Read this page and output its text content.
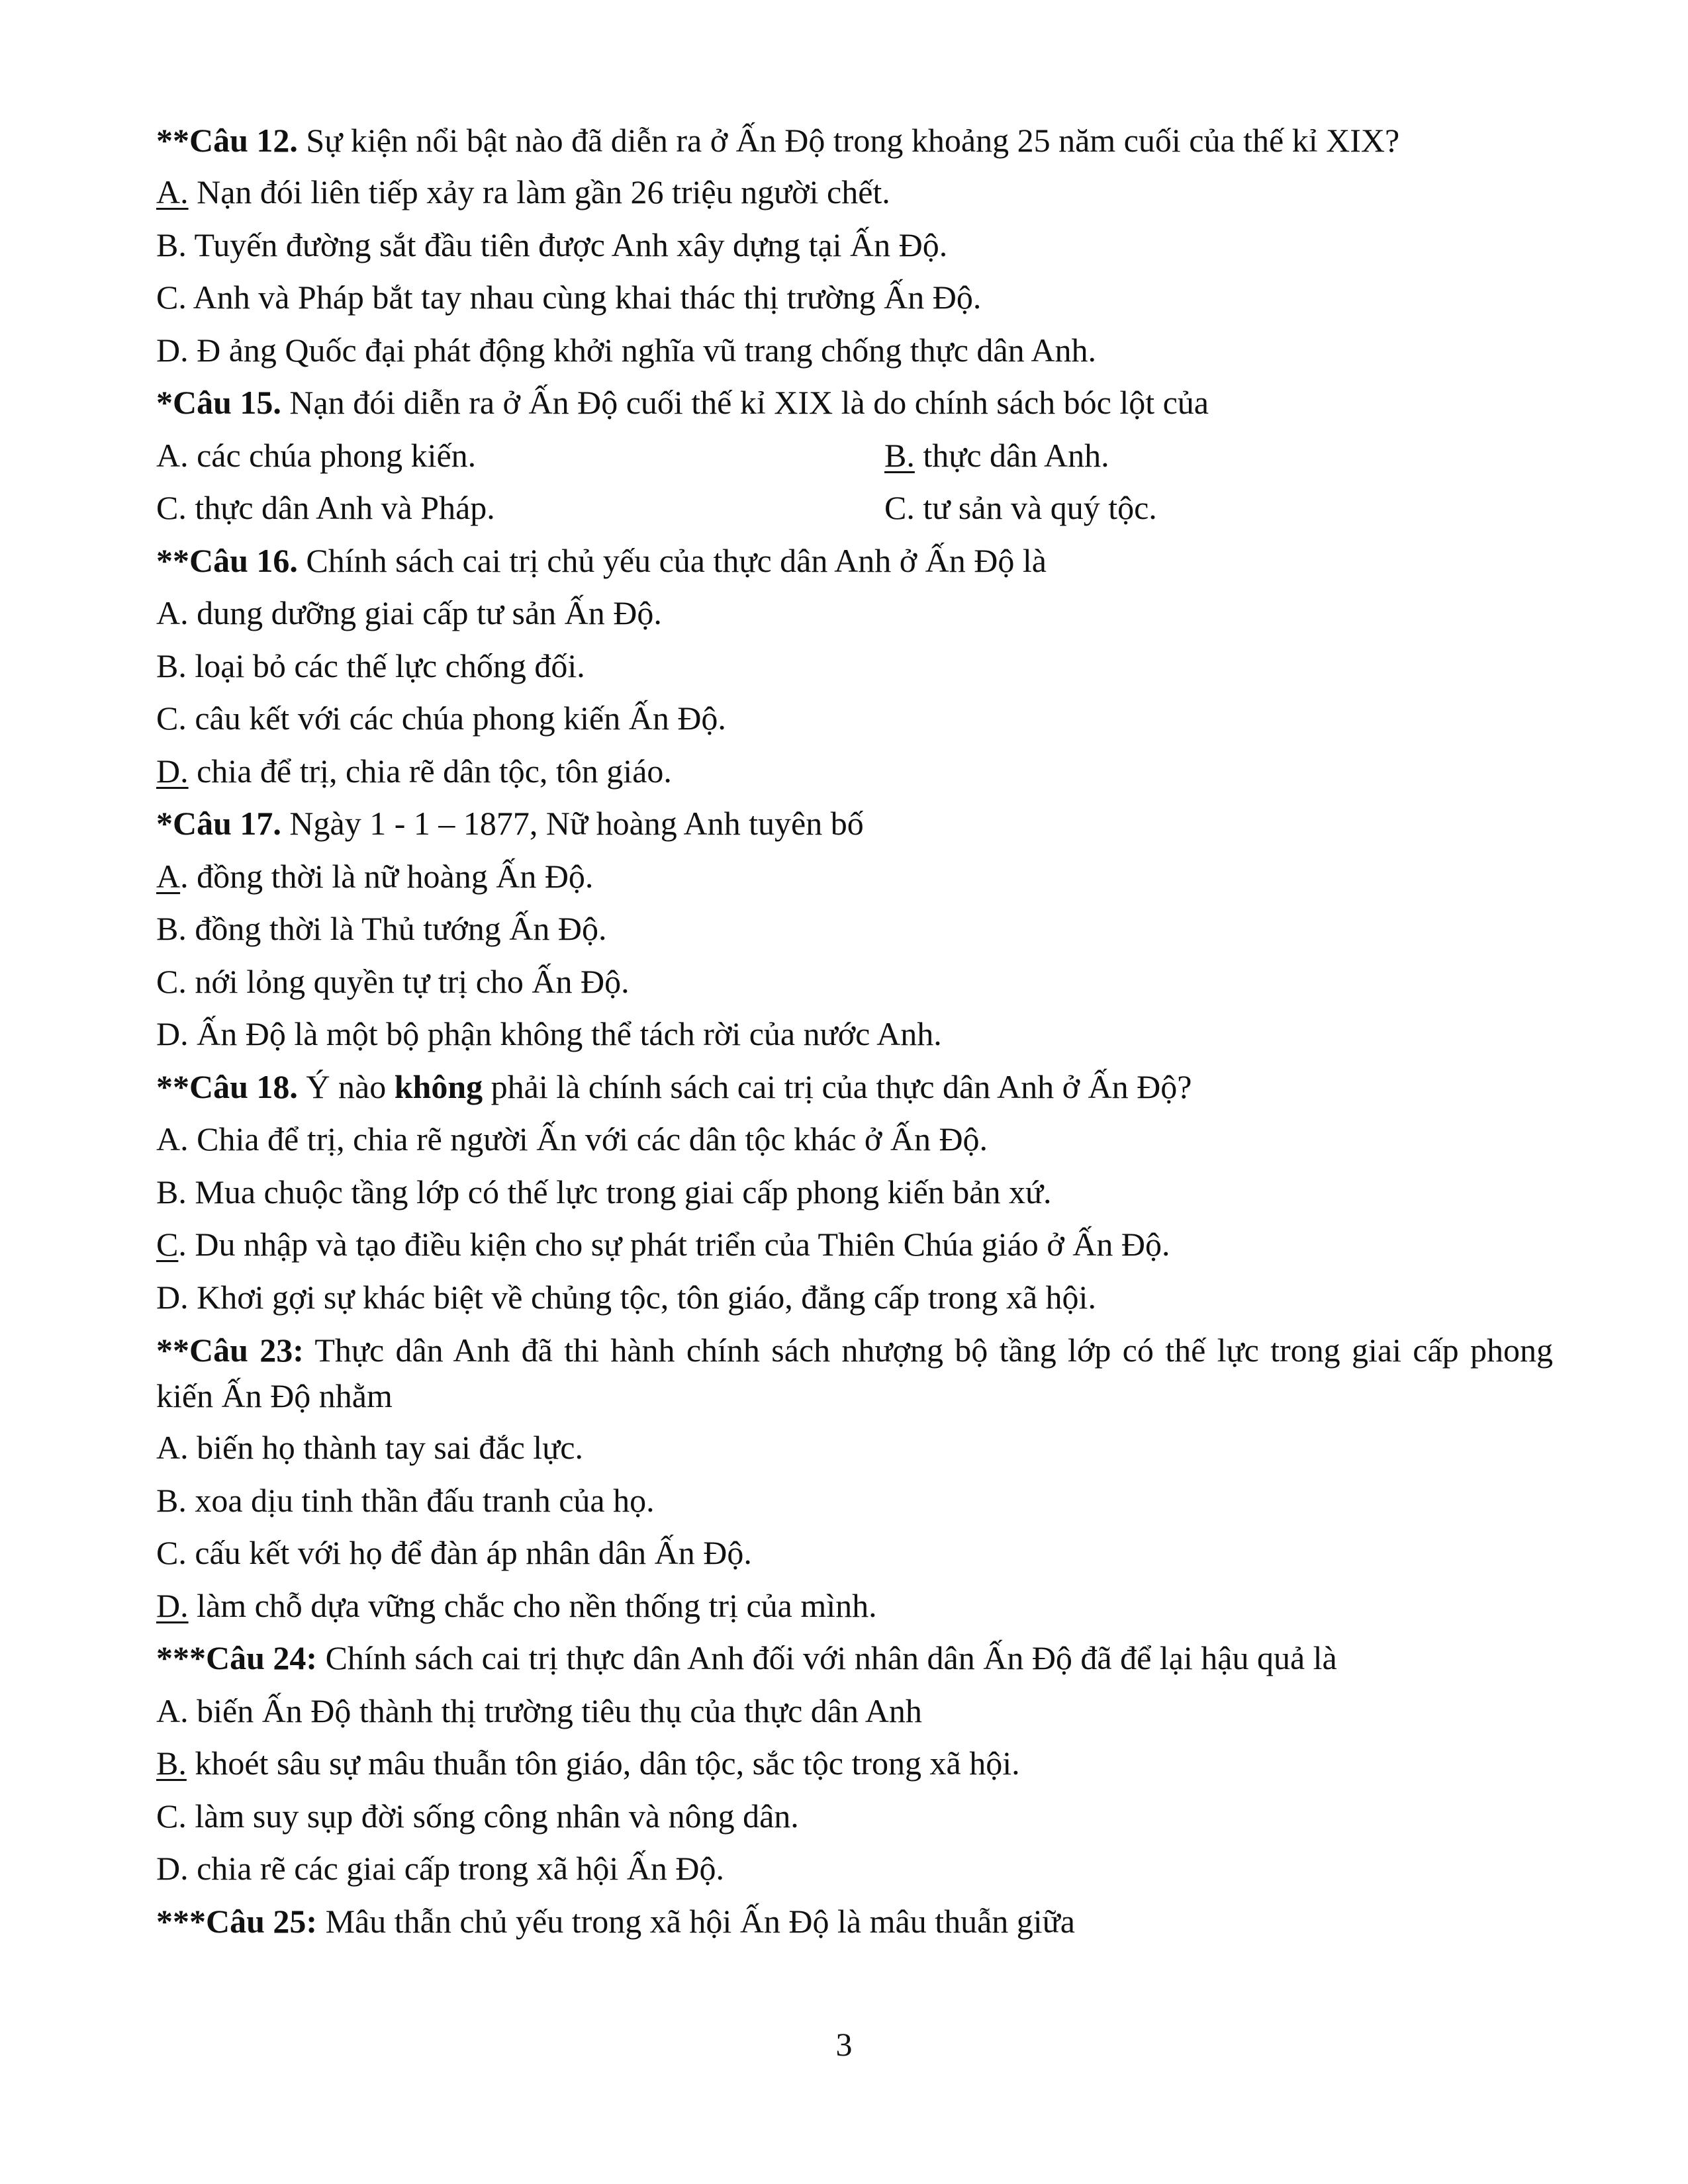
**Câu 12. Sự kiện nổi bật nào đã diễn ra ở Ấn Độ trong khoảng 25 năm cuối của thế kỉ XIX?
A. Nạn đói liên tiếp xảy ra làm gần 26 triệu người chết.
B. Tuyến đường sắt đầu tiên được Anh xây dựng tại Ấn Độ.
C. Anh và Pháp bắt tay nhau cùng khai thác thị trường Ấn Độ.
D. Đ ảng Quốc đại phát động khởi nghĩa vũ trang chống thực dân Anh.
*Câu 15. Nạn đói diễn ra ở Ấn Độ cuối thế kỉ XIX là do chính sách bóc lột của
A. các chúa phong kiến.	B. thực dân Anh.
C. thực dân Anh và Pháp.	C. tư sản và quý tộc.
**Câu 16. Chính sách cai trị chủ yếu của thực dân Anh ở Ấn Độ là
A. dung dưỡng giai cấp tư sản Ấn Độ.
B. loại bỏ các thế lực chống đối.
C. câu kết với các chúa phong kiến Ấn Độ.
D. chia để trị, chia rẽ dân tộc, tôn giáo.
*Câu 17. Ngày 1 - 1 – 1877, Nữ hoàng Anh tuyên bố
A. đồng thời là nữ hoàng Ấn Độ.
B. đồng thời là Thủ tướng Ấn Độ.
C. nới lỏng quyền tự trị cho Ấn Độ.
D. Ấn Độ là một bộ phận không thể tách rời của nước Anh.
**Câu 18. Ý nào không phải là chính sách cai trị của thực dân Anh ở Ấn Độ?
A. Chia để trị, chia rẽ người Ấn với các dân tộc khác ở Ấn Độ.
B. Mua chuộc tầng lớp có thế lực trong giai cấp phong kiến bản xứ.
C. Du nhập và tạo điều kiện cho sự phát triển của Thiên Chúa giáo ở Ấn Độ.
D. Khơi gợi sự khác biệt về chủng tộc, tôn giáo, đẳng cấp trong xã hội.
**Câu 23: Thực dân Anh đã thi hành chính sách nhượng bộ tầng lớp có thế lực trong giai cấp phong kiến Ấn Độ nhằm
A. biến họ thành tay sai đắc lực.
B. xoa dịu tinh thần đấu tranh của họ.
C. cấu kết với họ để đàn áp nhân dân Ấn Độ.
D. làm chỗ dựa vững chắc cho nền thống trị của mình.
***Câu 24: Chính sách cai trị thực dân Anh đối với nhân dân Ấn Độ đã để lại hậu quả là
A. biến Ấn Độ thành thị trường tiêu thụ của thực dân Anh
B. khoét sâu sự mâu thuẫn tôn giáo, dân tộc, sắc tộc trong xã hội.
C. làm suy sụp đời sống công nhân và nông dân.
D. chia rẽ các giai cấp trong xã hội Ấn Độ.
***Câu 25: Mâu thẫn chủ yếu trong xã hội Ấn Độ là mâu thuẫn giữa
3
